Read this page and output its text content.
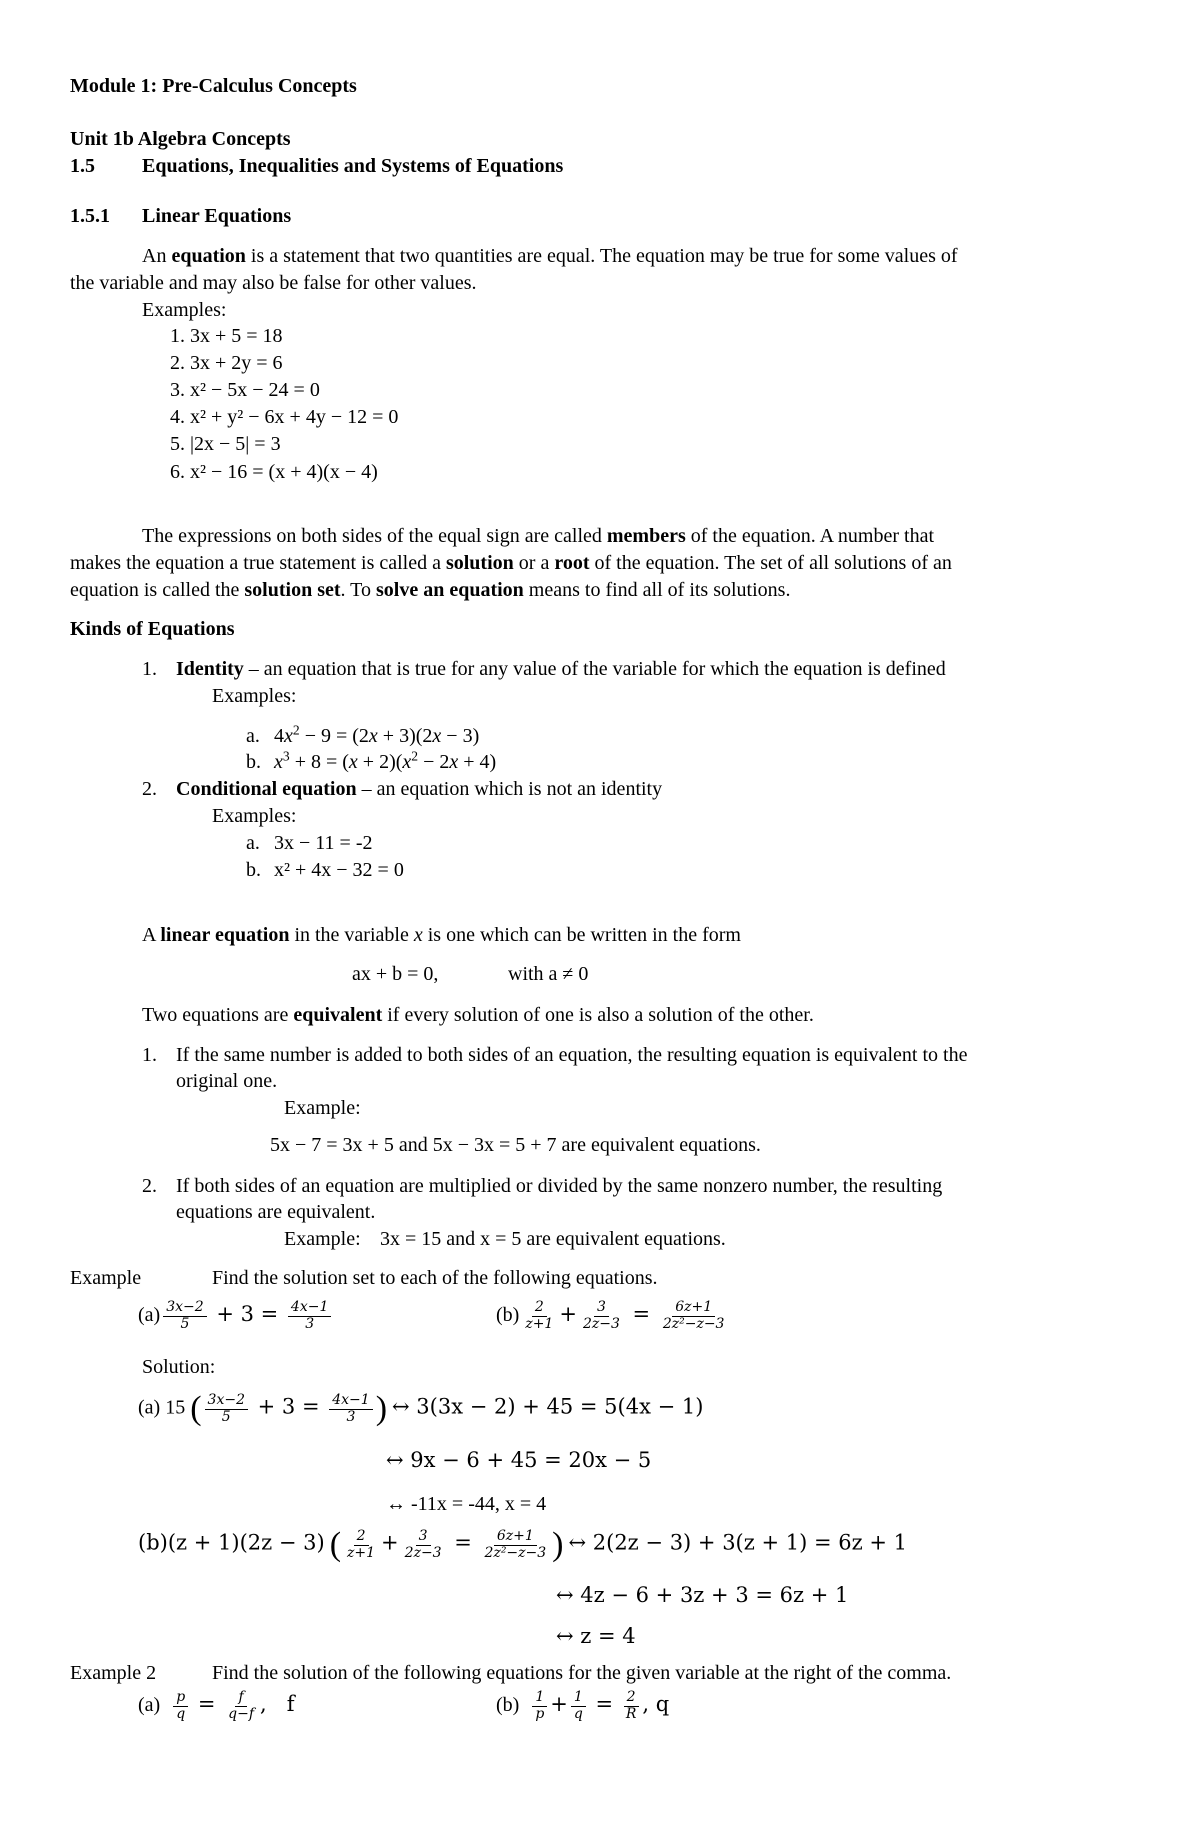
Module 1: Pre-Calculus Concepts
Unit 1b Algebra Concepts
1.5 Equations, Inequalities and Systems of Equations
1.5.1 Linear Equations
An equation is a statement that two quantities are equal. The equation may be true for some values of
the variable and may also be false for other values.
Examples:
1. 3x + 5 = 18
2. 3x + 2y = 6
3. x² − 5x − 24 = 0
4. x² + y² − 6x + 4y − 12 = 0
5. |2x − 5| = 3
6. x² − 16 = (x + 4)(x − 4)
The expressions on both sides of the equal sign are called members of the equation. A number that
makes the equation a true statement is called a solution or a root of the equation. The set of all solutions of an
equation is called the solution set. To solve an equation means to find all of its solutions.
Kinds of Equations
1. Identity – an equation that is true for any value of the variable for which the equation is defined
Examples:
a. $4x^2 - 9 = (2x + 3)(2x - 3)$
b. $x^3 + 8 = (x + 2)(x^2 - 2x + 4)$
2. Conditional equation – an equation which is not an identity
Examples:
a. 3x − 11 = -2
b. x² + 4x − 32 = 0
A linear equation in the variable x is one which can be written in the form
ax + b = 0,	with a ≠ 0
Two equations are equivalent if every solution of one is also a solution of the other.
1. If the same number is added to both sides of an equation, the resulting equation is equivalent to the
original one.
Example:
5x − 7 = 3x + 5 and 5x − 3x = 5 + 7 are equivalent equations.
2. If both sides of an equation are multiplied or divided by the same nonzero number, the resulting
equations are equivalent.
Example: 3x = 15 and x = 5 are equivalent equations.
Example	Find the solution set to each of the following equations.
$(a) \frac{3x-2}{5} + 3 = \frac{4x-1}{3}$	$(b) \frac{2}{z+1} + \frac{3}{2z-3} = \frac{6z+1}{\text{2z²−z−3}}$
Solution:
(a) 15 ( $\frac{3x-2}{5} + 3 = \frac{4x-1}{3}$ ) ↔ 3(3x − 2) + 45 = 5(4x − 1)
↔ 9x − 6 + 45 = 20x − 5
↔ -11x = -44, x = 4
(b)(z + 1)(2z − 3) ( $\frac{2}{z+1} + \frac{3}{2z-3} = \frac{6z+1}{\text{2z²−z−3}}$ ) ↔ 2(2z − 3) + 3(z + 1) = 6z + 1
↔ 4z − 6 + 3z + 3 = 6z + 1
↔ z = 4
Example 2	Find the solution of the following equations for the given variable at the right of the comma.
$(a) \frac{p}{q} = \frac{f}{q-f}$ ,   f	$(b) \frac{1}{p} + \frac{1}{q} = \frac{2}{R}$ , q
